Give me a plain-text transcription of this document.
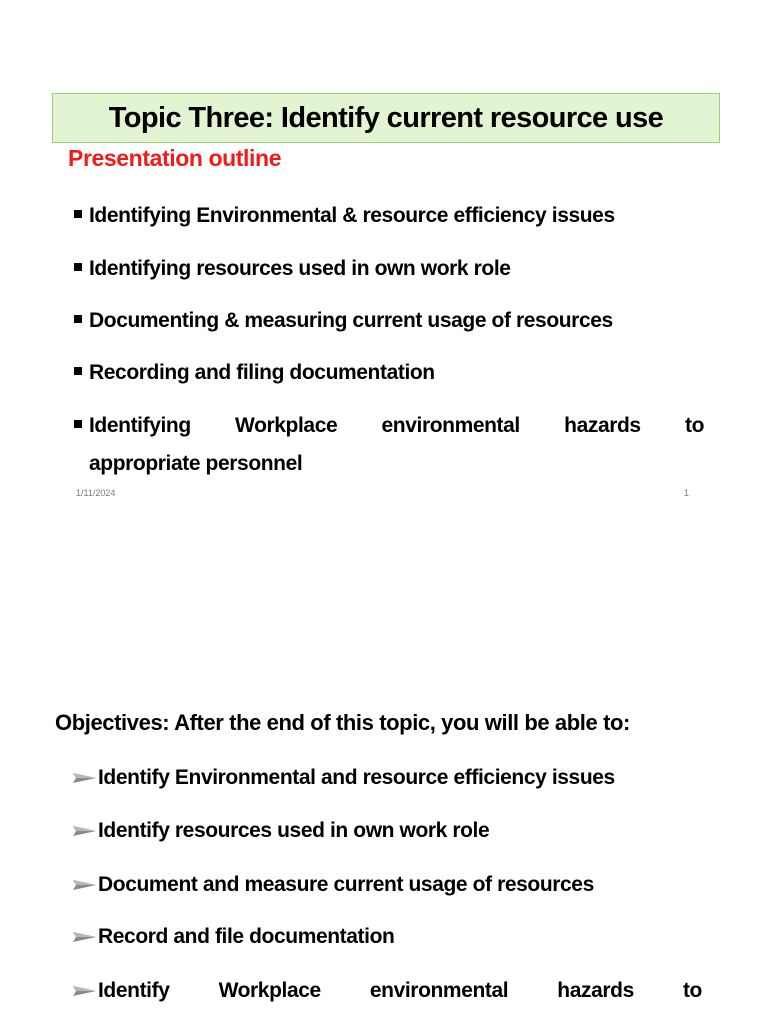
Topic Three: Identify current resource use
Presentation outline
Identifying Environmental & resource efficiency issues
Identifying resources used in own work role
Documenting & measuring current usage of resources
Recording and filing documentation
Identifying Workplace environmental hazards to
appropriate personnel
1/11/2024	1
Objectives: After the end of this topic, you will be able to:
Identify Environmental and resource efficiency issues
Identify resources used in own work role
Document and measure current usage of resources
Record and file documentation
Identify Workplace environmental hazards to
